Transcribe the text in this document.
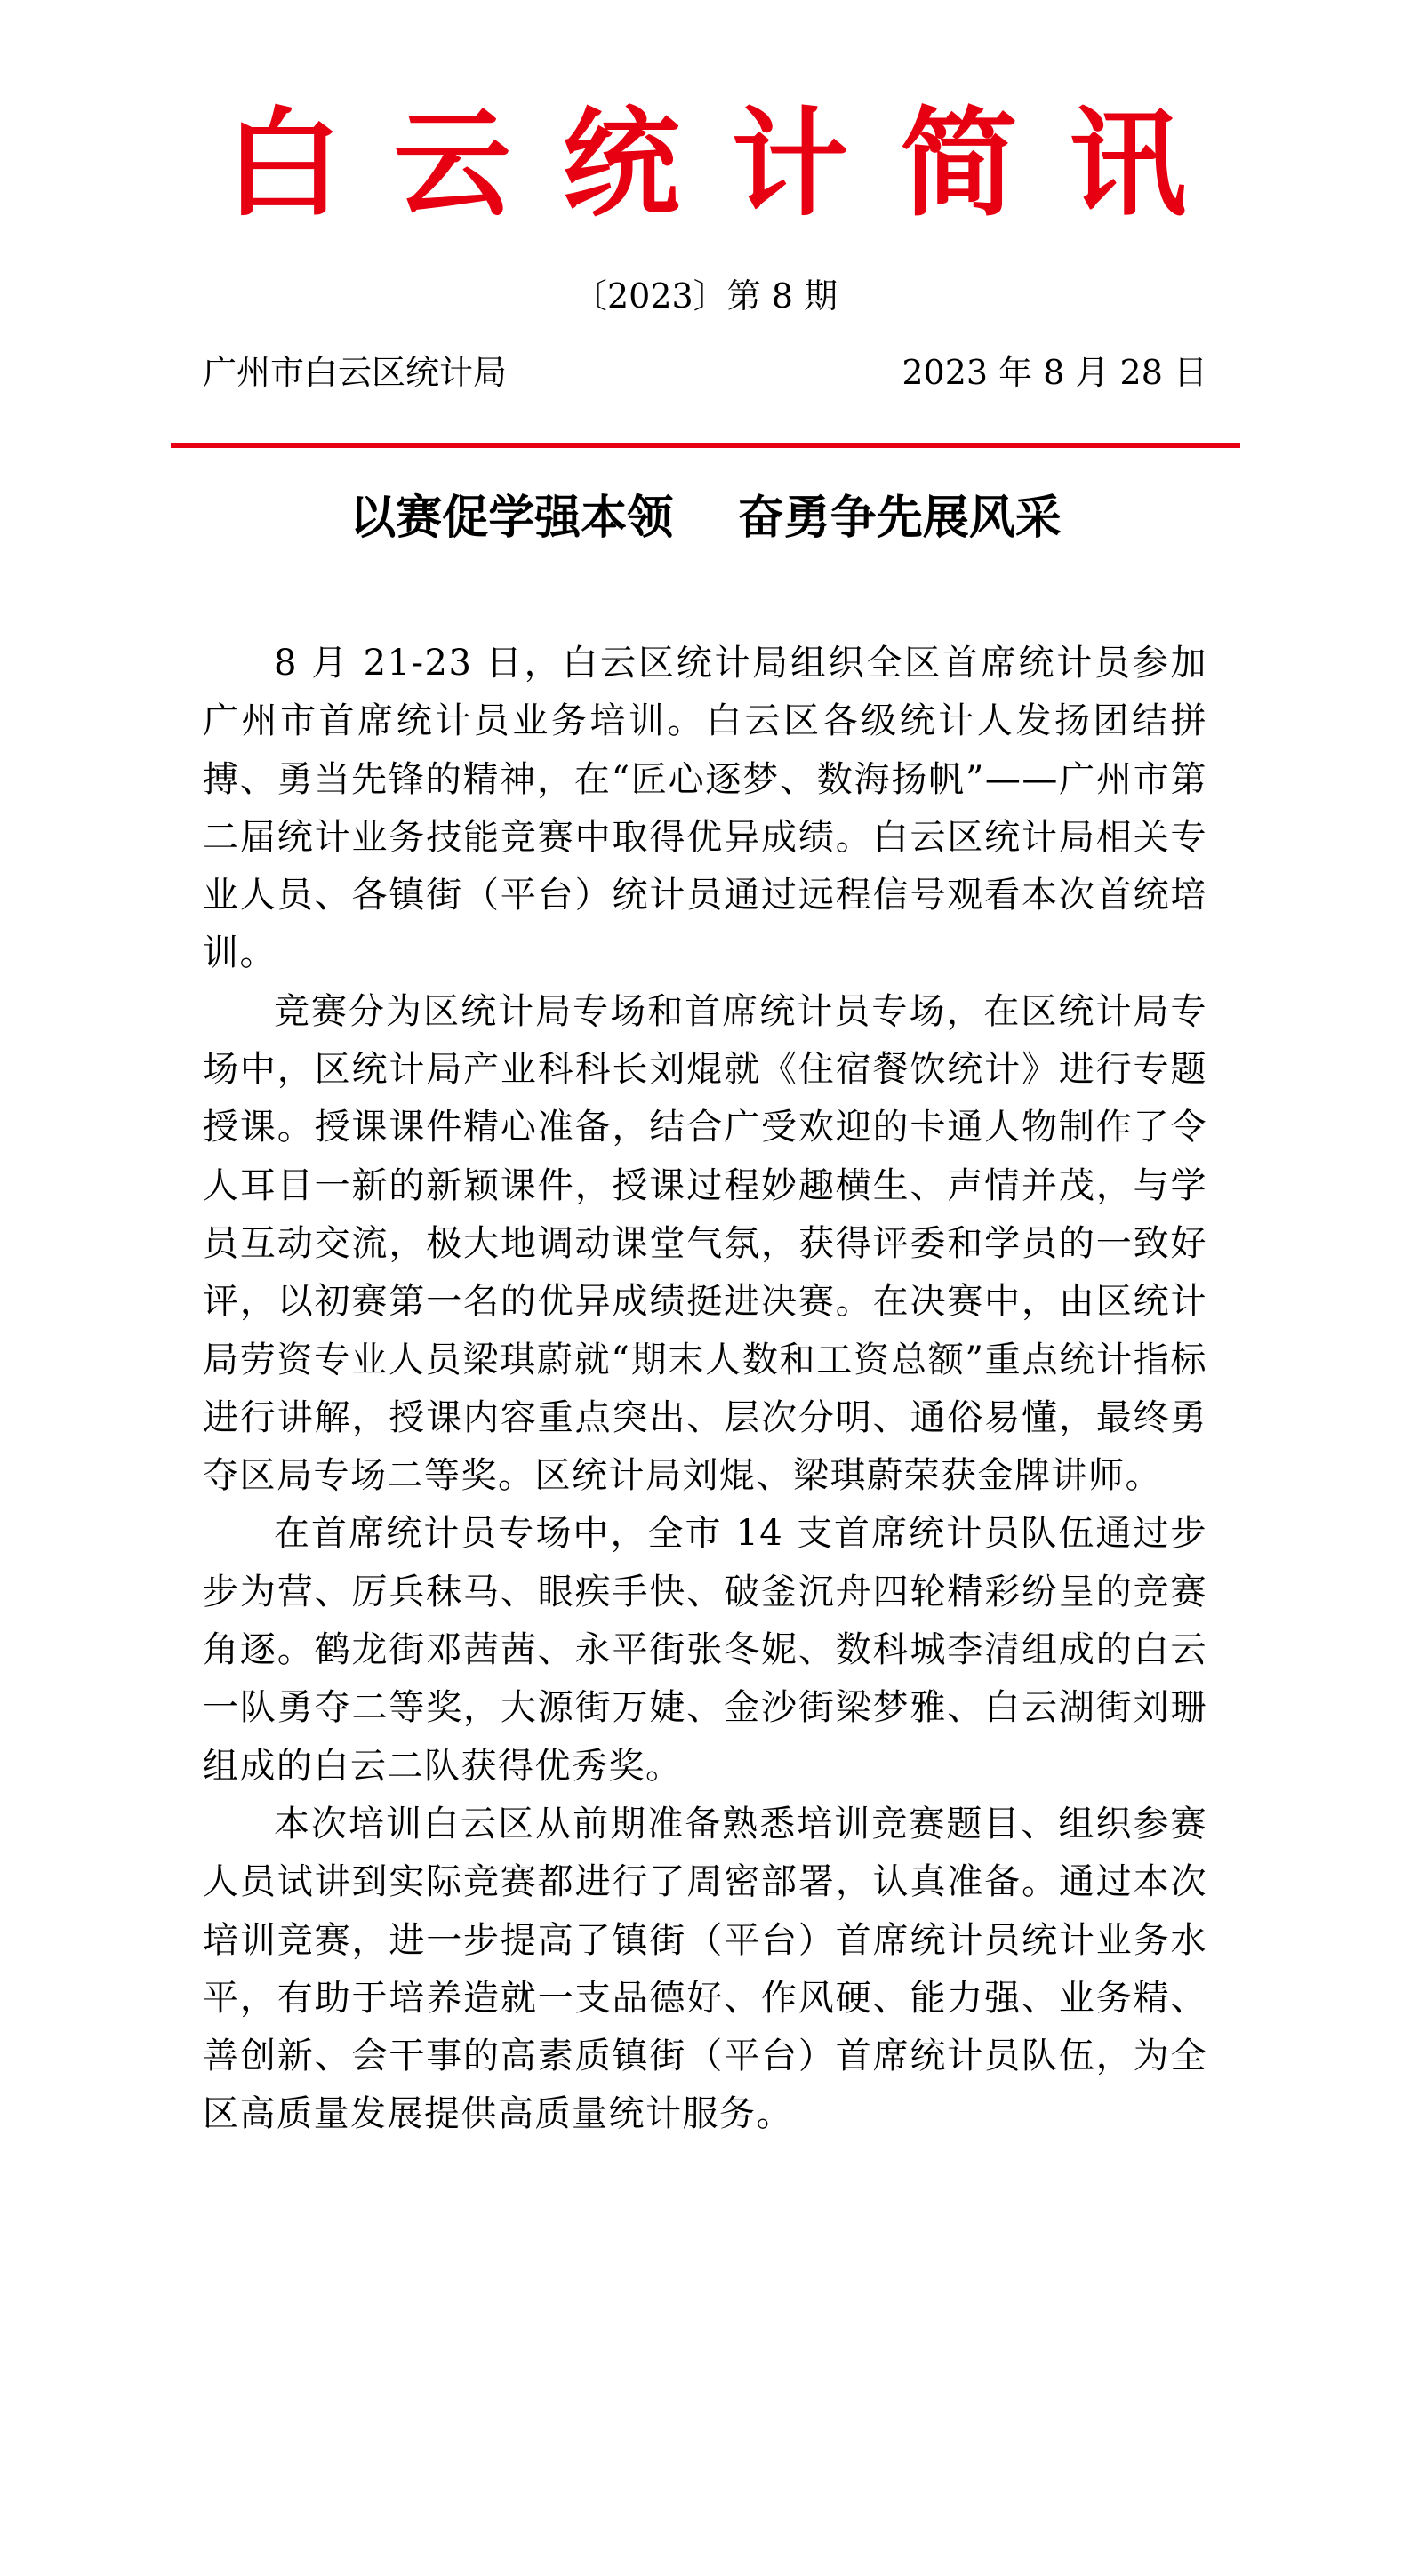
白云统计简讯
〔2023〕第 8 期
广州市白云区统计局	2023 年 8 月 28 日
以赛促学强本领    奋勇争先展风采

8 月 21-23 日，白云区统计局组织全区首席统计员参加广州市首席统计员业务培训。白云区各级统计人发扬团结拼搏、勇当先锋的精神，在“匠心逐梦、数海扬帆”——广州市第二届统计业务技能竞赛中取得优异成绩。白云区统计局相关专业人员、各镇街（平台）统计员通过远程信号观看本次首统培训。

竞赛分为区统计局专场和首席统计员专场，在区统计局专场中，区统计局产业科科长刘焜就《住宿餐饮统计》进行专题授课。授课课件精心准备，结合广受欢迎的卡通人物制作了令人耳目一新的新颖课件，授课过程妙趣横生、声情并茂，与学员互动交流，极大地调动课堂气氛，获得评委和学员的一致好评，以初赛第一名的优异成绩挺进决赛。在决赛中，由区统计局劳资专业人员梁琪蔚就“期末人数和工资总额”重点统计指标进行讲解，授课内容重点突出、层次分明、通俗易懂，最终勇夺区局专场二等奖。区统计局刘焜、梁琪蔚荣获金牌讲师。

在首席统计员专场中，全市 14 支首席统计员队伍通过步步为营、厉兵秣马、眼疾手快、破釜沉舟四轮精彩纷呈的竞赛角逐。鹤龙街邓茜茜、永平街张冬妮、数科城李清组成的白云一队勇夺二等奖，大源街万婕、金沙街梁梦雅、白云湖街刘珊组成的白云二队获得优秀奖。

本次培训白云区从前期准备熟悉培训竞赛题目、组织参赛人员试讲到实际竞赛都进行了周密部署，认真准备。通过本次培训竞赛，进一步提高了镇街（平台）首席统计员统计业务水平，有助于培养造就一支品德好、作风硬、能力强、业务精、善创新、会干事的高素质镇街（平台）首席统计员队伍，为全区高质量发展提供高质量统计服务。
